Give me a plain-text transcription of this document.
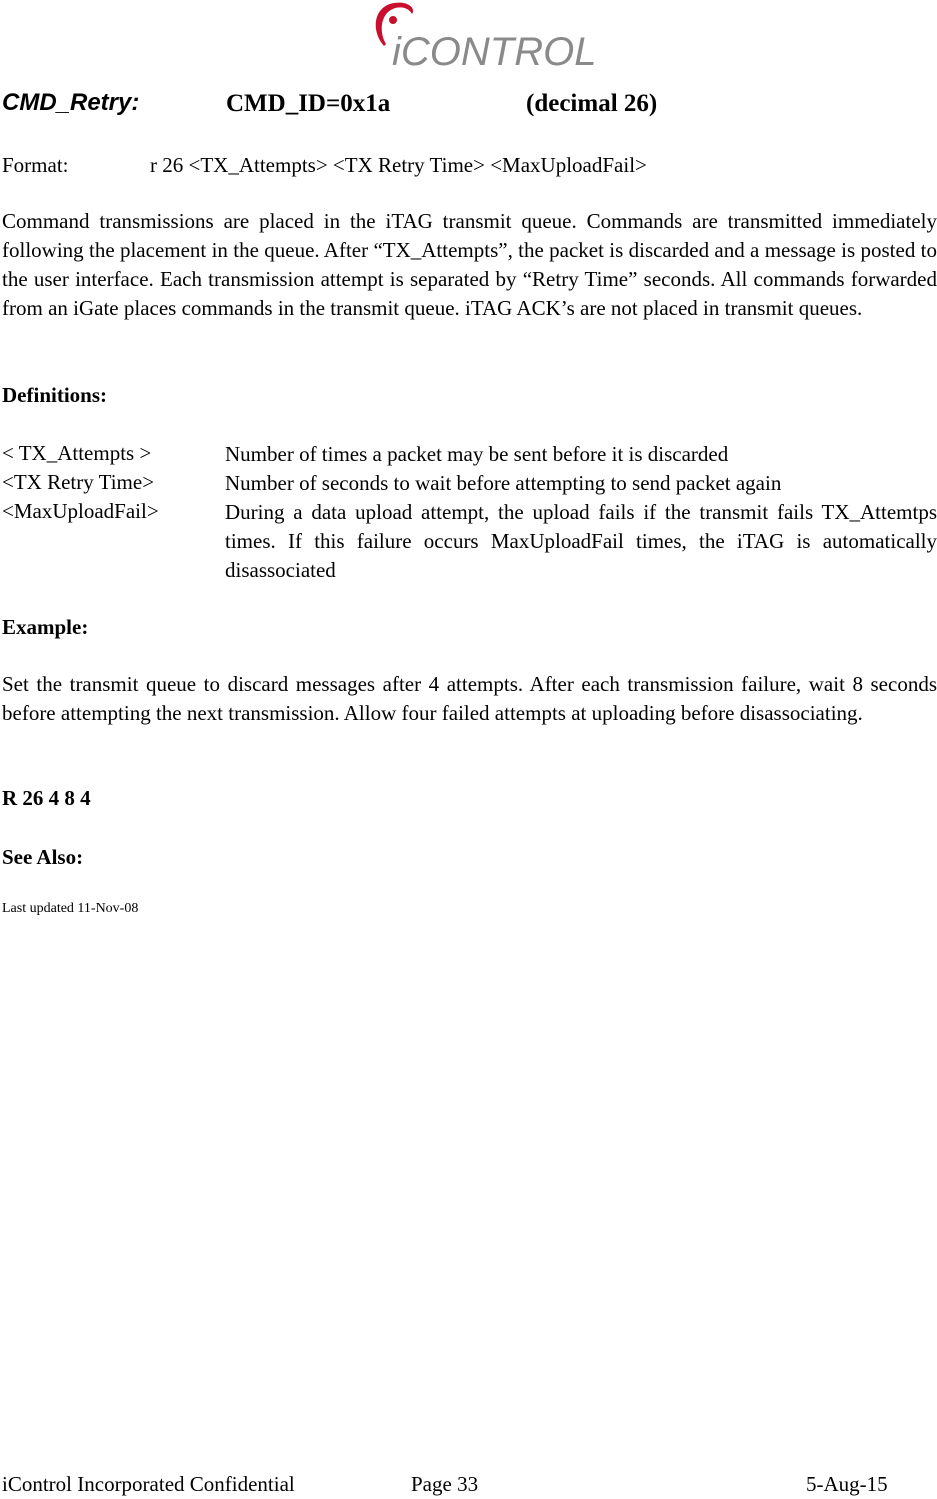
iCONTROL
CMD_Retry:	CMD_ID=0x1a	(decimal 26)
Format:	r 26 <TX_Attempts> <TX Retry Time> <MaxUploadFail>
Command transmissions are placed in the iTAG transmit queue. Commands are transmitted immediately following the placement in the queue. After “TX_Attempts”, the packet is discarded and a message is posted to the user interface. Each transmission attempt is separated by “Retry Time” seconds. All commands forwarded from an iGate places commands in the transmit queue. iTAG ACK’s are not placed in transmit queues.
Definitions:
< TX_Attempts >	Number of times a packet may be sent before it is discarded
<TX Retry Time>	Number of seconds to wait before attempting to send packet again
<MaxUploadFail>	During a data upload attempt, the upload fails if the transmit fails TX_Attemtps times. If this failure occurs MaxUploadFail times, the iTAG is automatically disassociated
Example:
Set the transmit queue to discard messages after 4 attempts. After each transmission failure, wait 8 seconds before attempting the next transmission. Allow four failed attempts at uploading before disassociating.
R 26 4 8 4
See Also:
Last updated 11-Nov-08
iControl Incorporated Confidential	Page 33	5-Aug-15
